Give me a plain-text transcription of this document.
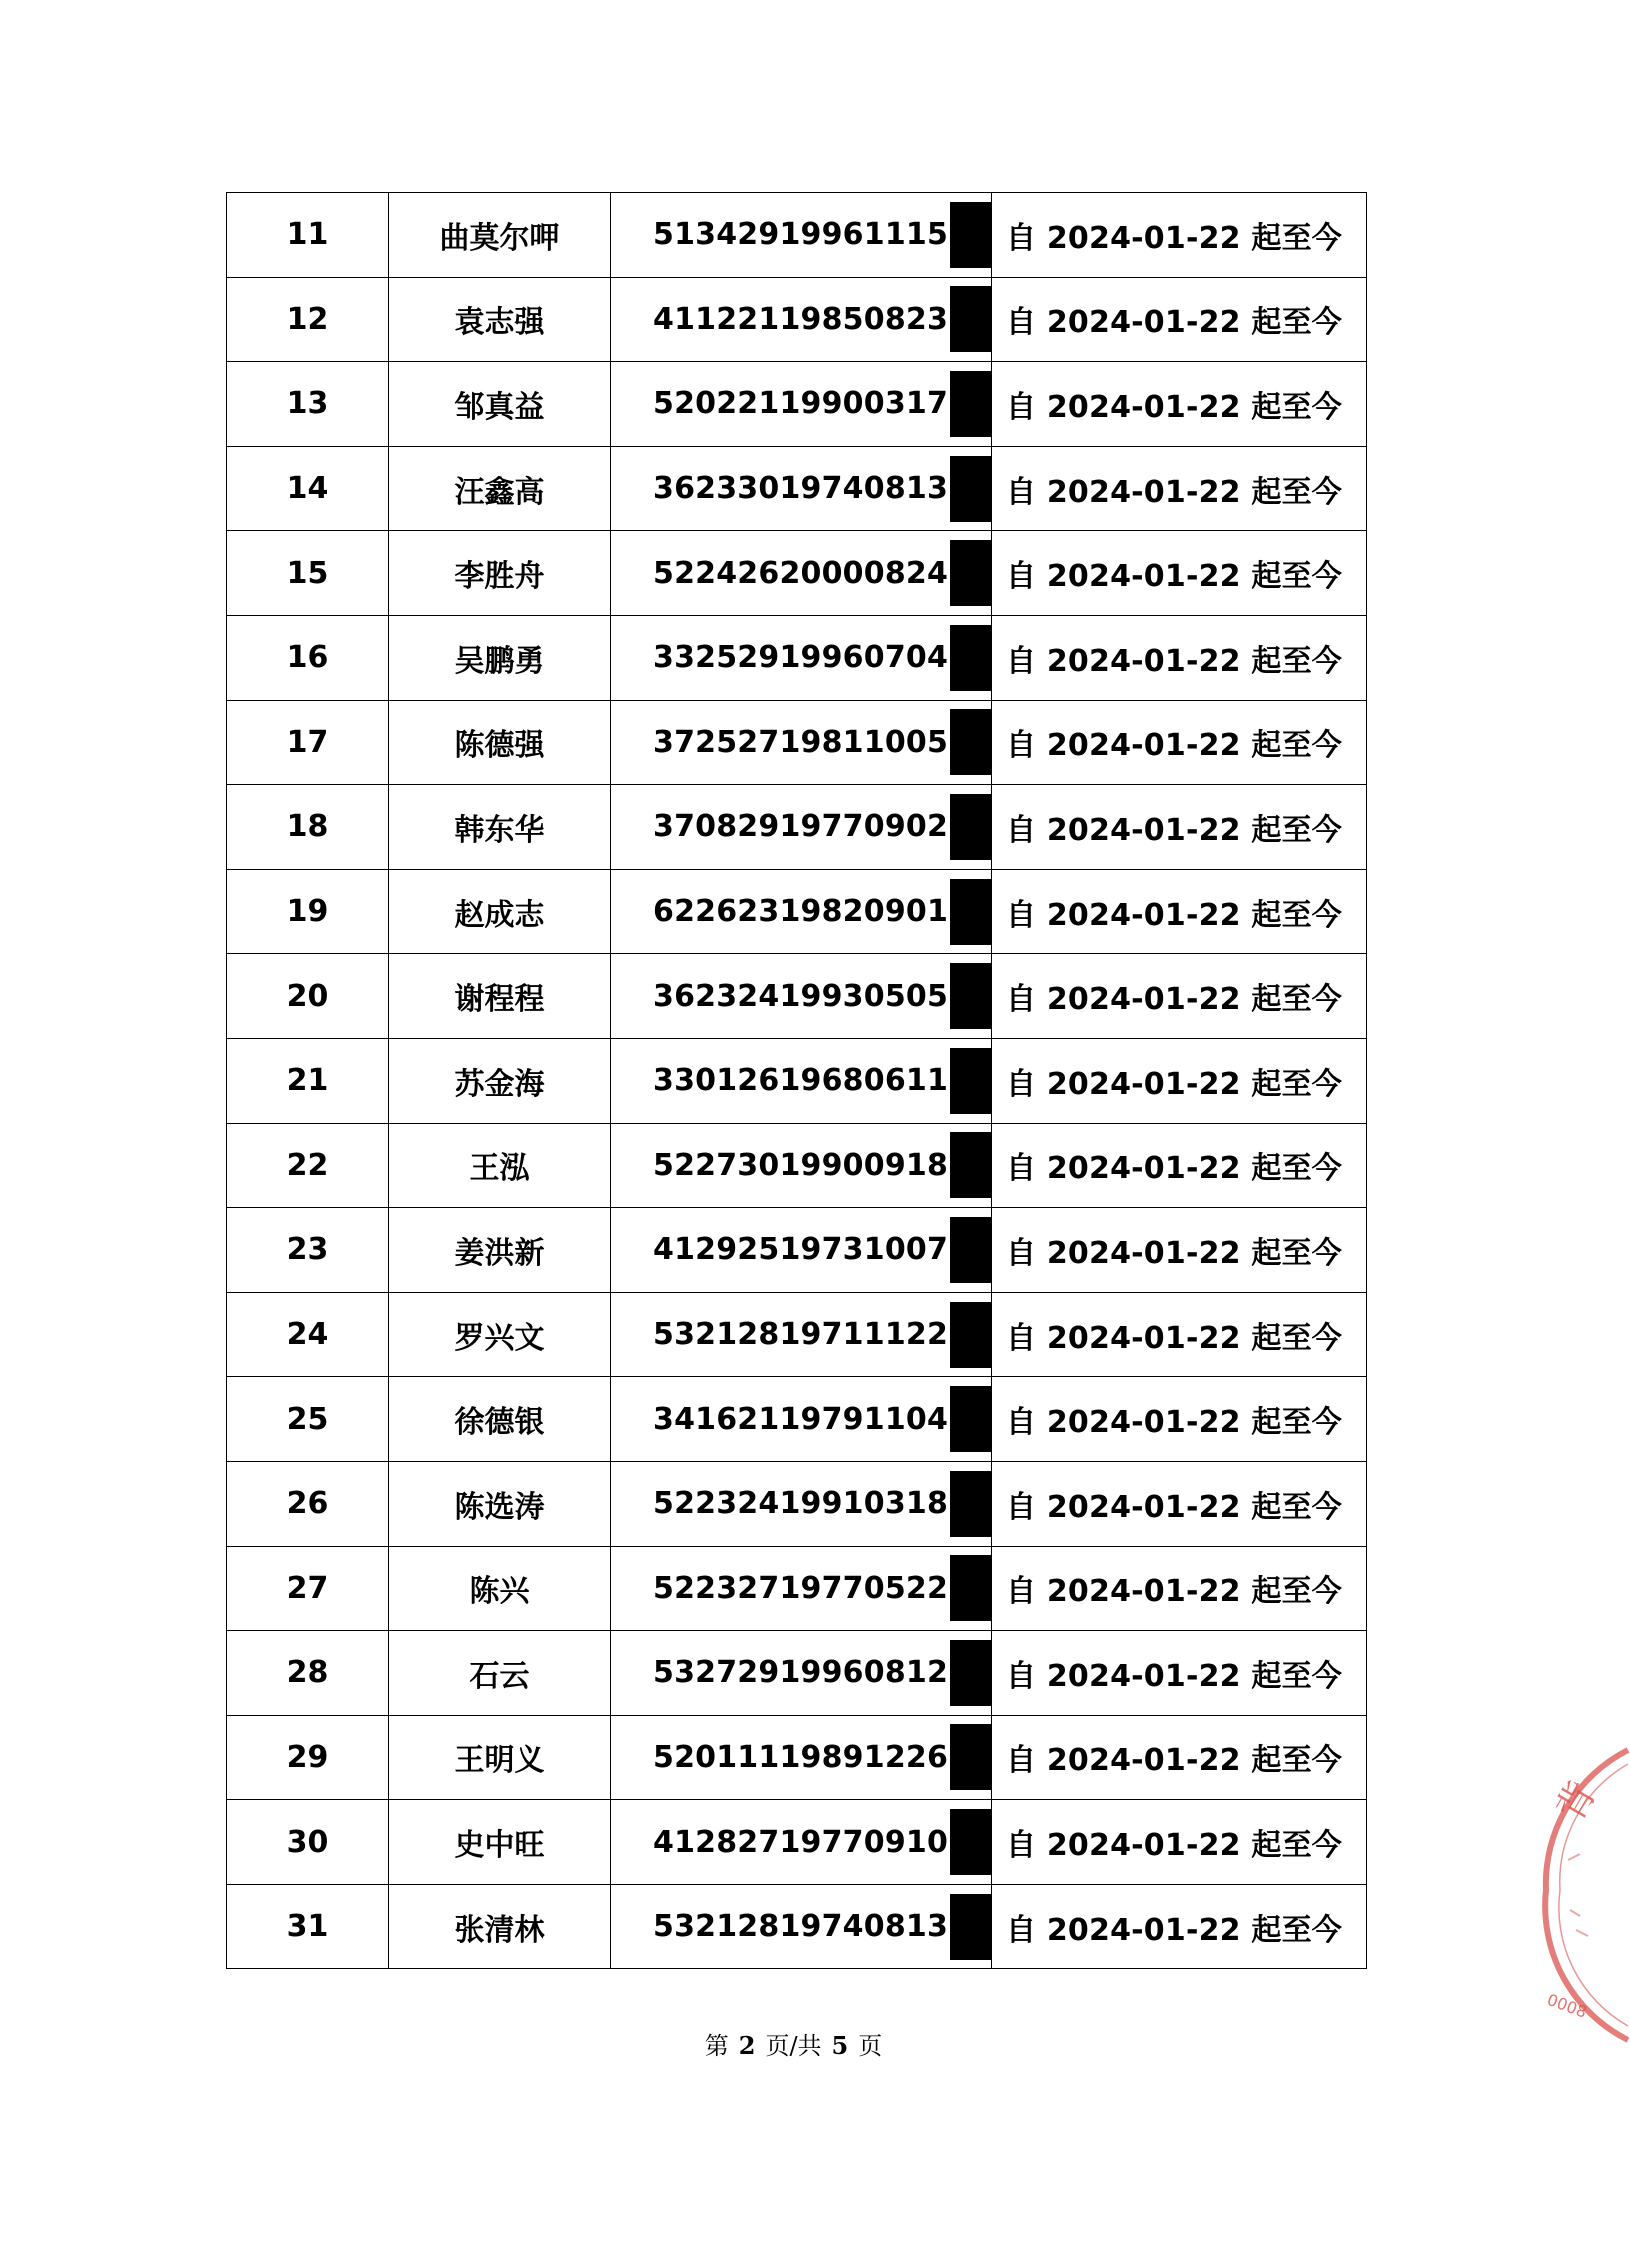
11	曲莫尔呷	51342919961115	自 2024-01-22 起至今
12	袁志强	41122119850823	自 2024-01-22 起至今
13	邹真益	52022119900317	自 2024-01-22 起至今
14	汪鑫高	36233019740813	自 2024-01-22 起至今
15	李胜舟	52242620000824	自 2024-01-22 起至今
16	吴鹏勇	33252919960704	自 2024-01-22 起至今
17	陈德强	37252719811005	自 2024-01-22 起至今
18	韩东华	37082919770902	自 2024-01-22 起至今
19	赵成志	62262319820901	自 2024-01-22 起至今
20	谢程程	36232419930505	自 2024-01-22 起至今
21	苏金海	33012619680611	自 2024-01-22 起至今
22	王泓	52273019900918	自 2024-01-22 起至今
23	姜洪新	41292519731007	自 2024-01-22 起至今
24	罗兴文	53212819711122	自 2024-01-22 起至今
25	徐德银	34162119791104	自 2024-01-22 起至今
26	陈选涛	52232419910318	自 2024-01-22 起至今
27	陈兴	52232719770522	自 2024-01-22 起至今
28	石云	53272919960812	自 2024-01-22 起至今
29	王明义	52011119891226	自 2024-01-22 起至今
30	史中旺	41282719770910	自 2024-01-22 起至今
31	张清林	53212819740813	自 2024-01-22 起至今
第 2 页/共 5 页
背
0008
